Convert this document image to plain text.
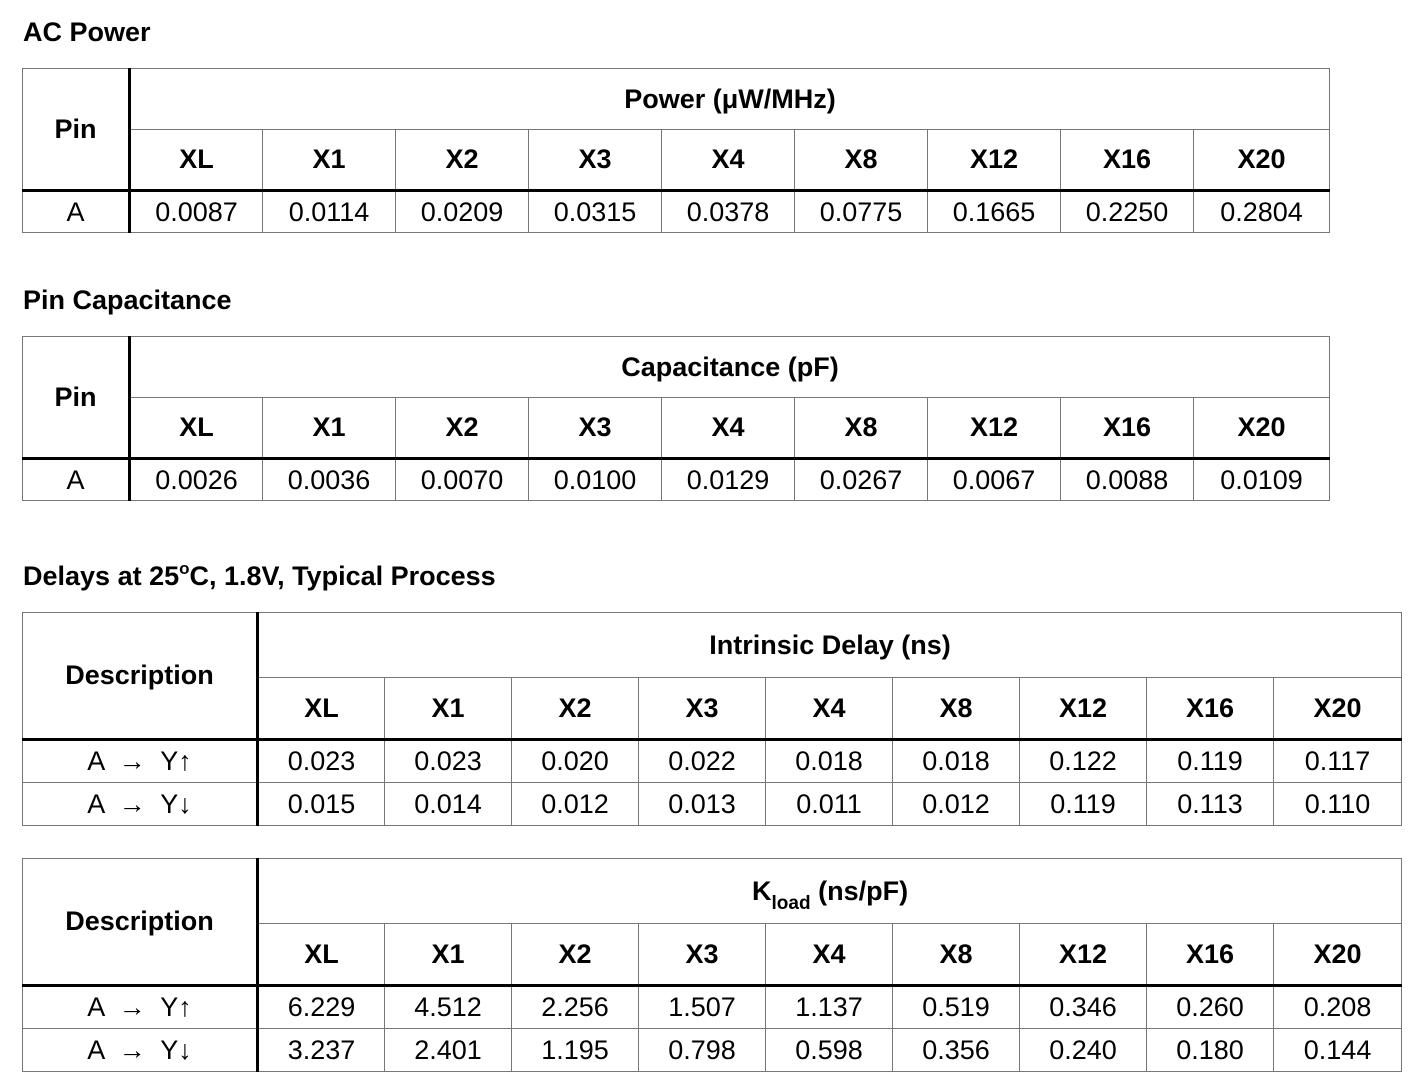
AC Power
Pin	Power (μW/MHz)								
	XL	X1	X2	X3	X4	X8	X12	X16	X20
A	0.0087	0.0114	0.0209	0.0315	0.0378	0.0775	0.1665	0.2250	0.2804
Pin Capacitance
Pin	Capacitance (pF)								
	XL	X1	X2	X3	X4	X8	X12	X16	X20
A	0.0026	0.0036	0.0070	0.0100	0.0129	0.0267	0.0067	0.0088	0.0109
Delays at 25$^o$C, 1.8V, Typical Process
Description	Intrinsic Delay (ns)								
	XL	X1	X2	X3	X4	X8	X12	X16	X20
A  →  Y↑	0.023	0.023	0.020	0.022	0.018	0.018	0.122	0.119	0.117
A  →  Y↓	0.015	0.014	0.012	0.013	0.011	0.012	0.119	0.113	0.110
Description	$K_{load}$ (ns/pF)								
	XL	X1	X2	X3	X4	X8	X12	X16	X20
A  →  Y↑	6.229	4.512	2.256	1.507	1.137	0.519	0.346	0.260	0.208
A  →  Y↓	3.237	2.401	1.195	0.798	0.598	0.356	0.240	0.180	0.144
